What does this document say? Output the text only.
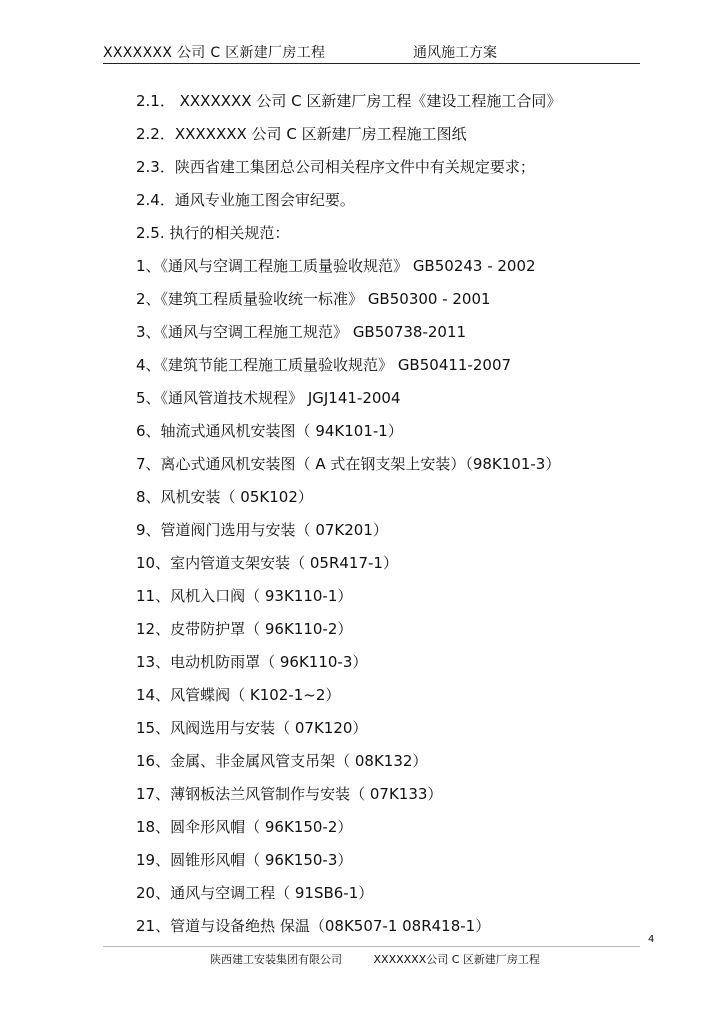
XXXXXXX 公司 C 区新建厂房工程	通风施工方案
2.1． XXXXXXX 公司 C 区新建厂房工程《建设工程施工合同》
2.2．XXXXXXX 公司 C 区新建厂房工程施工图纸
2.3．陕西省建工集团总公司相关程序文件中有关规定要求；
2.4．通风专业施工图会审纪要。
2.5. 执行的相关规范：
1、《通风与空调工程施工质量验收规范》 GB50243 - 2002
2、《建筑工程质量验收统一标准》 GB50300 - 2001
3、《通风与空调工程施工规范》 GB50738-2011
4、《建筑节能工程施工质量验收规范》 GB50411-2007
5、《通风管道技术规程》 JGJ141-2004
6、轴流式通风机安装图（ 94K101-1）
7、离心式通风机安装图（ A 式在钢支架上安装）（98K101-3）
8、风机安装（ 05K102）
9、管道阀门选用与安装（ 07K201）
10、室内管道支架安装（ 05R417-1）
11、风机入口阀（ 93K110-1）
12、皮带防护罩（ 96K110-2）
13、电动机防雨罩（ 96K110-3）
14、风管蝶阀（ K102-1~2）
15、风阀选用与安装（ 07K120）
16、金属、非金属风管支吊架（ 08K132）
17、薄钢板法兰风管制作与安装（ 07K133）
18、圆伞形风帽（ 96K150-2）
19、圆锥形风帽（ 96K150-3）
20、通风与空调工程（ 91SB6-1）
21、管道与设备绝热 保温（08K507-1 08R418-1）
4
陕西建工安装集团有限公司	XXXXXXX公司 C 区新建厂房工程
